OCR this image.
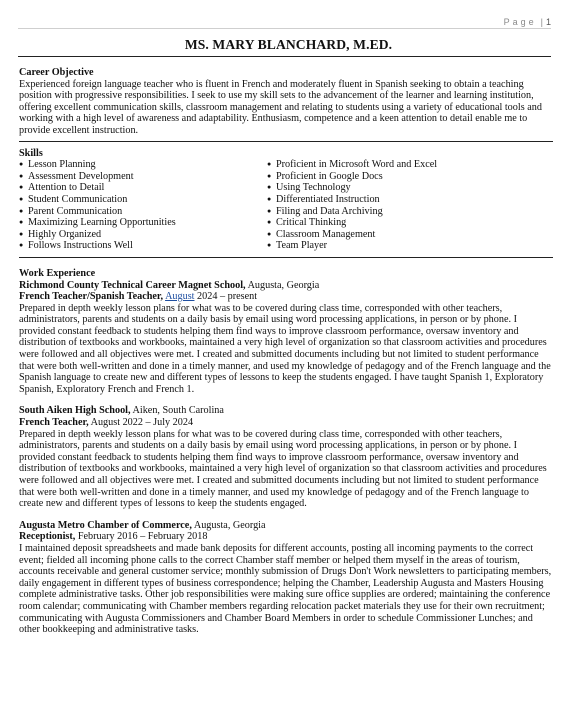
Page | 1
MS. MARY BLANCHARD, M.ED.
Career Objective

Experienced foreign language teacher who is fluent in French and moderately fluent in Spanish seeking to obtain a teaching position with progressive responsibilities. I seek to use my skill sets to the advancement of the learner and learning institution, offering excellent communication skills, classroom management and relating to students using a variety of educational tools and working with a high level of awareness and adaptability. Enthusiasm, competence and a keen attention to detail enable me to provide excellent instruction.

Skills
● Lesson Planning
● Assessment Development
● Attention to Detail
● Student Communication
● Parent Communication
● Maximizing Learning Opportunities
● Highly Organized
● Follows Instructions Well
● Proficient in Microsoft Word and Excel
● Proficient in Google Docs
● Using Technology
● Differentiated Instruction
● Filing and Data Archiving
● Critical Thinking
● Classroom Management
● Team Player
Work Experience
Richmond County Technical Career Magnet School, Augusta, Georgia
French Teacher/Spanish Teacher, August 2024 – present

Prepared in depth weekly lesson plans for what was to be covered during class time, corresponded with other teachers, administrators, parents and students on a daily basis by email using word processing applications, in person or by phone. I provided constant feedback to students helping them find ways to improve classroom performance, oversaw inventory and distribution of textbooks and workbooks, maintained a very high level of organization so that classroom activities and procedures were followed and all objectives were met. I created and submitted documents including but not limited to student performance that were both well-written and done in a timely manner, and used my knowledge of pedagogy and of the French language and the Spanish language to create new and different types of lessons to keep the students engaged. I have taught Spanish 1, Exploratory Spanish, Exploratory French and French 1.

South Aiken High School, Aiken, South Carolina
French Teacher, August 2022 – July 2024

Prepared in depth weekly lesson plans for what was to be covered during class time, corresponded with other teachers, administrators, parents and students on a daily basis by email using word processing applications, in person or by phone. I provided constant feedback to students helping them find ways to improve classroom performance, oversaw inventory and distribution of textbooks and workbooks, maintained a very high level of organization so that classroom activities and procedures were followed and all objectives were met. I created and submitted documents including but not limited to student performance that were both well-written and done in a timely manner, and used my knowledge of pedagogy and of the French language to create new and different types of lessons to keep the students engaged.

Augusta Metro Chamber of Commerce, Augusta, Georgia
Receptionist, February 2016 – February 2018

I maintained deposit spreadsheets and made bank deposits for different accounts, posting all incoming payments to the correct event; fielded all incoming phone calls to the correct Chamber staff member or helped them myself in the areas of tourism, accounts receivable and general customer service; monthly submission of Drugs Don't Work newsletters to participating members, daily engagement in different types of business correspondence; helping the Chamber, Leadership Augusta and Masters Housing complete administrative tasks. Other job responsibilities were making sure office supplies are ordered; maintaining the conference room calendar; communicating with Chamber members regarding relocation packet materials they use for their own recruitment; communicating with Augusta Commissioners and Chamber Board Members in order to schedule Commissioner Lunches; and other bookkeeping and administrative tasks.
